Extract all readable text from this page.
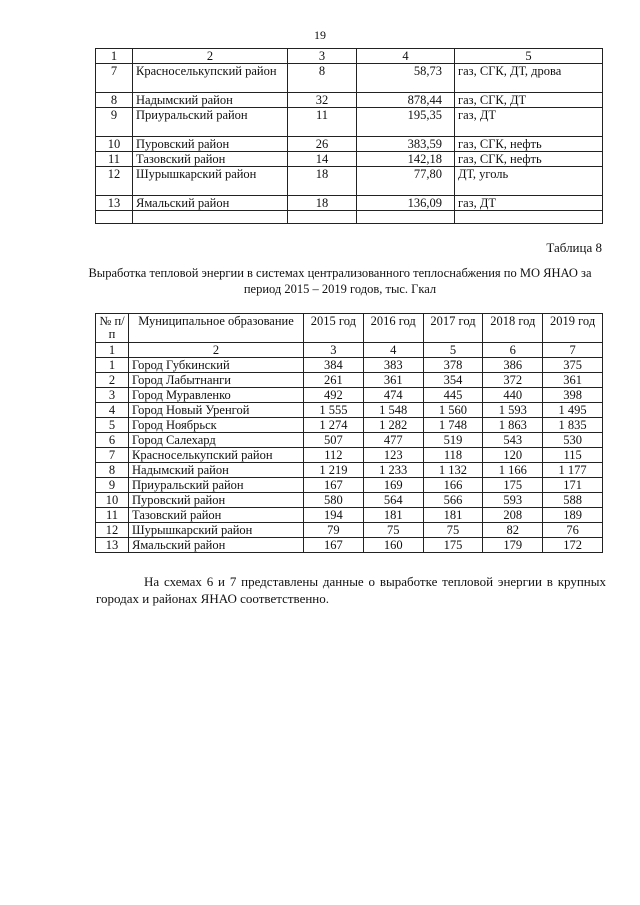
19
1	2	3	4	5
7	Красноселькупский район	8	58,73	газ, СГК, ДТ, дрова
8	Надымский район	32	878,44	газ, СГК, ДТ
9	Приуральский район	11	195,35	газ, ДТ
10	Пуровский район	26	383,59	газ, СГК, нефть
11	Тазовский район	14	142,18	газ, СГК, нефть
12	Шурышкарский район	18	77,80	ДТ, уголь
13	Ямальский район	18	136,09	газ, ДТ

Таблица 8
Выработка тепловой энергии в системах централизованного теплоснабжения по МО ЯНАО за период 2015 – 2019 годов, тыс. Гкал
№ п/п	Муниципальное образование	2015 год	2016 год	2017 год	2018 год	2019 год
1	2	3	4	5	6	7
1	Город Губкинский	384	383	378	386	375
2	Город Лабытнанги	261	361	354	372	361
3	Город Муравленко	492	474	445	440	398
4	Город Новый Уренгой	1 555	1 548	1 560	1 593	1 495
5	Город Ноябрьск	1 274	1 282	1 748	1 863	1 835
6	Город Салехард	507	477	519	543	530
7	Красноселькупский район	112	123	118	120	115
8	Надымский район	1 219	1 233	1 132	1 166	1 177
9	Приуральский район	167	169	166	175	171
10	Пуровский район	580	564	566	593	588
11	Тазовский район	194	181	181	208	189
12	Шурышкарский район	79	75	75	82	76
13	Ямальский район	167	160	175	179	172
На схемах 6 и 7 представлены данные о выработке тепловой энергии в крупных городах и районах ЯНАО соответственно.
